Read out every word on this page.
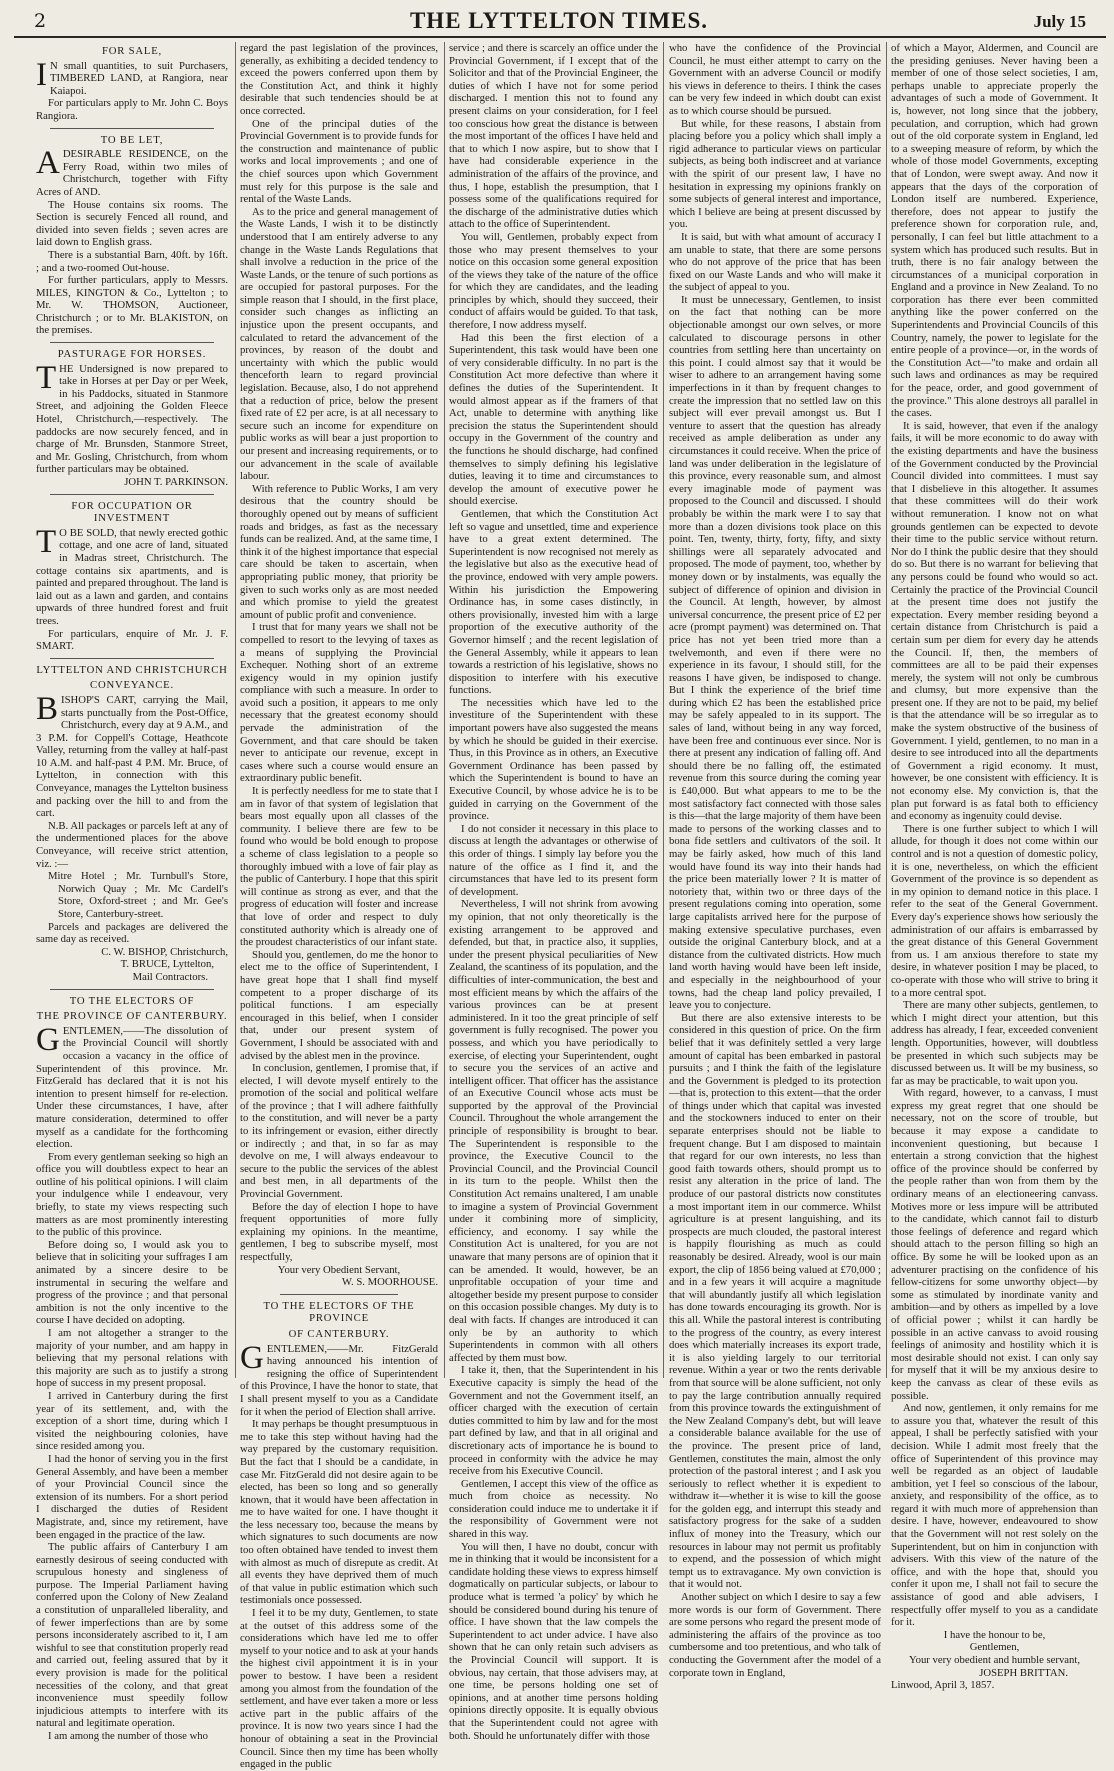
2	THE LYTTELTON TIMES.	July 15
FOR SALE,

I N small quantities, to suit Purchasers, TIMBERED LAND, at Rangiora, near Kaiapoi.

For particulars apply to Mr. John C. Boys Rangiora.

TO BE LET,

ADESIRABLE RESIDENCE, on the Ferry Road, within two miles of Christchurch, together with Fifty Acres of AND.

The House contains six rooms. The Section is securely Fenced all round, and divided into seven fields ; seven acres are laid down to English grass.

There is a substantial Barn, 40ft. by 16ft. ; and a two-roomed Out-house.

For further particulars, apply to Messrs. MILES, KINGTON & Co., Lyttelton ; to Mr. W. THOMSON, Auctioneer, Christchurch ; or to Mr. BLAKISTON, on the premises.

PASTURAGE FOR HORSES.

THE Undersigned is now prepared to take in Horses at per Day or per Week, in his Paddocks, situated in Stanmore Street, and adjoining the Golden Fleece Hotel, Christchurch,—respectively. The paddocks are now securely fenced, and in charge of Mr. Brunsden, Stanmore Street, and Mr. Gosling, Christchurch, from whom further particulars may be obtained.

JOHN T. PARKINSON.

FOR OCCUPATION OR INVESTMENT

T O BE SOLD, that newly erected gothic cottage, and one acre of land, situated in Madras street, Christchurch. The cottage contains six apartments, and is painted and prepared throughout. The land is laid out as a lawn and garden, and contains upwards of three hundred forest and fruit trees.

For particulars, enquire of Mr. J. F. SMART.

LYTTELTON AND CHRISTCHURCH
CONVEYANCE.

BISHOP'S CART, carrying the Mail, starts punctually from the Post-Office, Christchurch, every day at 9 A.M., and 3 P.M. for Coppell's Cottage, Heathcote Valley, returning from the valley at half-past 10 A.M. and half-past 4 P.M. Mr. Bruce, of Lyttelton, in connection with this Conveyance, manages the Lyttelton business and packing over the hill to and from the cart.

N.B. All packages or parcels left at any of the undermentioned places for the above Conveyance, will receive strict attention, viz. :—

Mitre Hotel ; Mr. Turnbull's Store, Norwich Quay ; Mr. Mc Cardell's Store, Oxford-street ; and Mr. Gee's Store, Canterbury-street.

Parcels and packages are delivered the same day as received.

C. W. BISHOP, Christchurch,

T. BRUCE, Lyttelton,

Mail Contractors.

TO THE ELECTORS OF
THE PROVINCE OF CANTERBURY.

GENTLEMEN,——The dissolution of the Provincial Council will shortly occasion a vacancy in the office of Superintendent of this province. Mr. FitzGerald has declared that it is not his intention to present himself for re-election. Under these circumstances, I have, after mature consideration, determined to offer myself as a candidate for the forthcoming election.

From every gentleman seeking so high an office you will doubtless expect to hear an outline of his political opinions. I will claim your indulgence while I endeavour, very briefly, to state my views respecting such matters as are most prominently interesting to the public of this province.

Before doing so, I would ask you to believe that in soliciting your suffrages I am animated by a sincere desire to be instrumental in securing the welfare and progress of the province ; and that personal ambition is not the only incentive to the course I have decided on adopting.

I am not altogether a stranger to the majority of your number, and am happy in believing that my personal relations with this majority are such as to justify a strong hope of success in my present proposal.

I arrived in Canterbury during the first year of its settlement, and, with the exception of a short time, during which I visited the neighbouring colonies, have since resided among you.

I had the honor of serving you in the first General Assembly, and have been a member of your Provincial Council since the extension of its numbers. For a short period I discharged the duties of Resident Magistrate, and, since my retirement, have been engaged in the practice of the law.

The public affairs of Canterbury I am earnestly desirous of seeing conducted with scrupulous honesty and singleness of purpose. The Imperial Parliament having conferred upon the Colony of New Zealand a constitution of unparalleled liberality, and of fewer imperfections than are by some persons inconsiderately ascribed to it, I am wishful to see that constitution properly read and carried out, feeling assured that by it every provision is made for the political necessities of the colony, and that great inconvenience must speedily follow injudicious attempts to interfere with its natural and legitimate operation.

I am among the number of those who

regard the past legislation of the provinces, generally, as exhibiting a decided tendency to exceed the powers conferred upon them by the Constitution Act, and think it highly desirable that such tendencies should be at once corrected.

One of the principal duties of the Provincial Government is to provide funds for the construction and maintenance of public works and local improvements ; and one of the chief sources upon which Government must rely for this purpose is the sale and rental of the Waste Lands.

As to the price and general management of the Waste Lands, I wish it to be distinctly understood that I am entirely adverse to any change in the Waste Lands Regulations that shall involve a reduction in the price of the Waste Lands, or the tenure of such portions as are occupied for pastoral purposes. For the simple reason that I should, in the first place, consider such changes as inflicting an injustice upon the present occupants, and calculated to retard the advancement of the provinces, by reason of the doubt and uncertainty with which the public would thenceforth learn to regard provincial legislation. Because, also, I do not apprehend that a reduction of price, below the present fixed rate of £2 per acre, is at all necessary to secure such an income for expenditure on public works as will bear a just proportion to our present and increasing requirements, or to our advancement in the scale of available labour.

With reference to Public Works, I am very desirous that the country should be thoroughly opened out by means of sufficient roads and bridges, as fast as the necessary funds can be realized. And, at the same time, I think it of the highest importance that especial care should be taken to ascertain, when appropriating public money, that priority be given to such works only as are most needed and which promise to yield the greatest amount of public profit and convenience.

I trust that for many years we shall not be compelled to resort to the levying of taxes as a means of supplying the Provincial Exchequer. Nothing short of an extreme exigency would in my opinion justify compliance with such a measure. In order to avoid such a position, it appears to me only necessary that the greatest economy should pervade the administration of the Government, and that care should be taken never to anticipate our revenue, except in cases where such a course would ensure an extraordinary public benefit.

It is perfectly needless for me to state that I am in favor of that system of legislation that bears most equally upon all classes of the community. I believe there are few to be found who would be bold enough to propose a scheme of class legislation to a people so thoroughly imbued with a love of fair play as the public of Canterbury. I hope that this spirit will continue as strong as ever, and that the progress of education will foster and increase that love of order and respect to duly constituted authority which is already one of the proudest characteristics of our infant state.

Should you, gentlemen, do me the honor to elect me to the office of Superintendent, I have great hope that I shall find myself competent to a proper discharge of its political functions. I am especially encouraged in this belief, when I consider that, under our present system of Government, I should be associated with and advised by the ablest men in the province.

In conclusion, gentlemen, I promise that, if elected, I will devote myself entirely to the promotion of the social and political welfare of the province ; that I will adhere faithfully to the constitution, and will never be a party to its infringement or evasion, either directly or indirectly ; and that, in so far as may devolve on me, I will always endeavour to secure to the public the services of the ablest and best men, in all departments of the Provincial Government.

Before the day of election I hope to have frequent opportunities of more fully explaining my opinions. In the meantime, gentlemen, I beg to subscribe myself, most respectfully,

Your very Obedient Servant,

W. S. MOORHOUSE.

TO THE ELECTORS OF THE PROVINCE
OF CANTERBURY.

GENTLEMEN,——Mr. FitzGerald having announced his intention of resigning the office of Superintendent of this Province, I have the honor to state, that I shall present myself to you as a Candidate for it when the period of Election shall arrive.

It may perhaps be thought presumptuous in me to take this step without having had the way prepared by the customary requisition. But the fact that I should be a candidate, in case Mr. FitzGerald did not desire again to be elected, has been so long and so generally known, that it would have been affectation in me to have waited for one. I have thought it the less necessary too, because the means by which signatures to such documents are now too often obtained have tended to invest them with almost as much of disrepute as credit. At all events they have deprived them of much of that value in public estimation which such testimonials once possessed.

I feel it to be my duty, Gentlemen, to state at the outset of this address some of the considerations which have led me to offer myself to your notice and to ask at your hands the highest civil appointment it is in your power to bestow. I have been a resident among you almost from the foundation of the settlement, and have ever taken a more or less active part in the public affairs of the province. It is now two years since I had the honour of obtaining a seat in the Provincial Council. Since then my time has been wholly engaged in the public

service ; and there is scarcely an office under the Provincial Government, if I except that of the Solicitor and that of the Provincial Engineer, the duties of which I have not for some period discharged. I mention this not to found any present claims on your consideration, for I feel too conscious how great the distance is between the most important of the offices I have held and that to which I now aspire, but to show that I have had considerable experience in the administration of the affairs of the province, and thus, I hope, establish the presumption, that I possess some of the qualifications required for the discharge of the administrative duties which attach to the office of Superintendent.

You will, Gentlemen, probably expect from those who may present themselves to your notice on this occasion some general exposition of the views they take of the nature of the office for which they are candidates, and the leading principles by which, should they succeed, their conduct of affairs would be guided. To that task, therefore, I now address myself.

Had this been the first election of a Superintendent, this task would have been one of very considerable difficulty. In no part is the Constitution Act more defective than where it defines the duties of the Superintendent. It would almost appear as if the framers of that Act, unable to determine with anything like precision the status the Superintendent should occupy in the Government of the country and the functions he should discharge, had confined themselves to simply defining his legislative duties, leaving it to time and circumstances to develop the amount of executive power he should exercise.

Gentlemen, that which the Constitution Act left so vague and unsettled, time and experience have to a great extent determined. The Superintendent is now recognised not merely as the legislative but also as the executive head of the province, endowed with very ample powers. Within his jurisdiction the Empowering Ordinance has, in some cases distinctly, in others provisionally, invested him with a large proportion of the executive authority of the Governor himself ; and the recent legislation of the General Assembly, while it appears to lean towards a restriction of his legislative, shows no disposition to interfere with his executive functions.

The necessities which have led to the investiture of the Superintendent with these important powers have also suggested the means by which he should be guided in their exercise. Thus, in this Province as in others, an Executive Government Ordinance has been passed by which the Superintendent is bound to have an Executive Council, by whose advice he is to be guided in carrying on the Government of the province.

I do not consider it necessary in this place to discuss at length the advantages or otherwise of this order of things. I simply lay before you the nature of the office as I find it, and the circumstances that have led to its present form of development.

Nevertheless, I will not shrink from avowing my opinion, that not only theoretically is the existing arrangement to be approved and defended, but that, in practice also, it supplies, under the present physical peculiarities of New Zealand, the scantiness of its population, and the difficulties of inter-communication, the best and most efficient means by which the affairs of the various provinces can be at present administered. In it too the great principle of self government is fully recognised. The power you possess, and which you have periodically to exercise, of electing your Superintendent, ought to secure you the services of an active and intelligent officer. That officer has the assistance of an Executive Council whose acts must be supported by the approval of the Provincial Council. Throughout the whole arrangement the principle of responsibility is brought to bear. The Superintendent is responsible to the province, the Executive Council to the Provincial Council, and the Provincial Council in its turn to the people. Whilst then the Constitution Act remains unaltered, I am unable to imagine a system of Provincial Government under it combining more of simplicity, efficiency, and economy. I say while the Constitution Act is unaltered, for you are not unaware that many persons are of opinion that it can be amended. It would, however, be an unprofitable occupation of your time and altogether beside my present purpose to consider on this occasion possible changes. My duty is to deal with facts. If changes are introduced it can only be by an authority to which Superintendents in common with all others affected by them must bow.

I take it, then, that the Superintendent in his Executive capacity is simply the head of the Government and not the Government itself, an officer charged with the execution of certain duties committed to him by law and for the most part defined by law, and that in all original and discretionary acts of importance he is bound to proceed in conformity with the advice he may receive from his Executive Council.

Gentlemen, I accept this view of the office as much from choice as necessity. No consideration could induce me to undertake it if the responsibility of Government were not shared in this way.

You will then, I have no doubt, concur with me in thinking that it would be inconsistent for a candidate holding these views to express himself dogmatically on particular subjects, or labour to produce what is termed 'a policy' by which he should be considered bound during his tenure of office. I have shown that the law compels the Superintendent to act under advice. I have also shown that he can only retain such advisers as the Provincial Council will support. It is obvious, nay certain, that those advisers may, at one time, be persons holding one set of opinions, and at another time persons holding opinions directly opposite. It is equally obvious that the Superintendent could not agree with both. Should he unfortunately differ with those

who have the confidence of the Provincial Council, he must either attempt to carry on the Government with an adverse Council or modify his views in deference to theirs. I think the cases can be very few indeed in which doubt can exist as to which course should be pursued.

But while, for these reasons, I abstain from placing before you a policy which shall imply a rigid adherance to particular views on particular subjects, as being both indiscreet and at variance with the spirit of our present law, I have no hesitation in expressing my opinions frankly on some subjects of general interest and importance, which I believe are being at present discussed by you.

It is said, but with what amount of accuracy I am unable to state, that there are some persons who do not approve of the price that has been fixed on our Waste Lands and who will make it the subject of appeal to you.

It must be unnecessary, Gentlemen, to insist on the fact that nothing can be more objectionable amongst our own selves, or more calculated to discourage persons in other countries from settling here than uncertainty on this point. I could almost say that it would be wiser to adhere to an arrangement having some imperfections in it than by frequent changes to create the impression that no settled law on this subject will ever prevail amongst us. But I venture to assert that the question has already received as ample deliberation as under any circumstances it could receive. When the price of land was under deliberation in the legislature of this province, every reasonable sum, and almost every imaginable mode of payment was proposed to the Council and discussed. I should probably be within the mark were I to say that more than a dozen divisions took place on this point. Ten, twenty, thirty, forty, fifty, and sixty shillings were all separately advocated and proposed. The mode of payment, too, whether by money down or by instalments, was equally the subject of difference of opinion and division in the Council. At length, however, by almost universal concurrence, the present price of £2 per acre (prompt payment) was determined on. That price has not yet been tried more than a twelvemonth, and even if there were no experience in its favour, I should still, for the reasons I have given, be indisposed to change. But I think the experience of the brief time during which £2 has been the established price may be safely appealed to in its support. The sales of land, without being in any way forced, have been free and continuous ever since. Nor is there at present any indication of falling off. And should there be no falling off, the estimated revenue from this source during the coming year is £40,000. But what appears to me to be the most satisfactory fact connected with those sales is this—that the large majority of them have been made to persons of the working classes and to bona fide settlers and cultivators of the soil. It may be fairly asked, how much of this land would have found its way into their hands had the price been materially lower ? It is matter of notoriety that, within two or three days of the present regulations coming into operation, some large capitalists arrived here for the purpose of making extensive speculative purchases, even outside the original Canterbury block, and at a distance from the cultivated districts. How much land worth having would have been left inside, and especially in the neighbourhood of your towns, had the cheap land policy prevailed, I leave you to conjecture.

But there are also extensive interests to be considered in this question of price. On the firm belief that it was definitely settled a very large amount of capital has been embarked in pastoral pursuits ; and I think the faith of the legislature and the Government is pledged to its protection—that is, protection to this extent—that the order of things under which that capital was invested and the stockowners induced to enter on their separate enterprises should not be liable to frequent change. But I am disposed to maintain that regard for our own interests, no less than good faith towards others, should prompt us to resist any alteration in the price of land. The produce of our pastoral districts now constitutes a most important item in our commerce. Whilst agriculture is at present languishing, and its prospects are much clouded, the pastoral interest is happily flourishing as much as could reasonably be desired. Already, wool is our main export, the clip of 1856 being valued at £70,000 ; and in a few years it will acquire a magnitude that will abundantly justify all which legislation has done towards encouraging its growth. Nor is this all. While the pastoral interest is contributing to the progress of the country, as every interest does which materially increases its export trade, it is also yielding largely to our territorial revenue. Within a year or two the rents derivable from that source will be alone sufficient, not only to pay the large contribution annually required from this province towards the extinguishment of the New Zealand Company's debt, but will leave a considerable balance available for the use of the province. The present price of land, Gentlemen, constitutes the main, almost the only protection of the pastoral interest ; and I ask you seriously to reflect whether it is expedient to withdraw it—whether it is wise to kill the goose for the golden egg, and interrupt this steady and satisfactory progress for the sake of a sudden influx of money into the Treasury, which our resources in labour may not permit us profitably to expend, and the possession of which might tempt us to extravagance. My own conviction is that it would not.

Another subject on which I desire to say a few more words is our form of Government. There are some persons who regard the present mode of administering the affairs of the province as too cumbersome and too pretentious, and who talk of conducting the Government after the model of a corporate town in England,

of which a Mayor, Aldermen, and Council are the presiding geniuses. Never having been a member of one of those select societies, I am, perhaps unable to appreciate properly the advantages of such a mode of Government. It is, however, not long since that the jobbery, peculation, and corruption, which had grown out of the old corporate system in England, led to a sweeping measure of reform, by which the whole of those model Governments, excepting that of London, were swept away. And now it appears that the days of the corporation of London itself are numbered. Experience, therefore, does not appear to justify the preference shown for corporation rule, and, personally, I can feel but little attachment to a system which has produced such results. But in truth, there is no fair analogy between the circumstances of a municipal corporation in England and a province in New Zealand. To no corporation has there ever been committed anything like the power conferred on the Superintendents and Provincial Councils of this Country, namely, the power to legislate for the entire people of a province—or, in the words of the Constitution Act—"to make and ordain all such laws and ordinances as may be required for the peace, order, and good government of the province." This alone destroys all parallel in the cases.

It is said, however, that even if the analogy fails, it will be more economic to do away with the existing departments and have the business of the Government conducted by the Provincial Council divided into committees. I must say that I disbelieve in this altogether. It assumes that these committees will do their work without remuneration. I know not on what grounds gentlemen can be expected to devote their time to the public service without return. Nor do I think the public desire that they should do so. But there is no warrant for believing that any persons could be found who would so act. Certainly the practice of the Provincial Council at the present time does not justify the expectation. Every member residing beyond a certain distance from Christchurch is paid a certain sum per diem for every day he attends the Council. If, then, the members of committees are all to be paid their expenses merely, the system will not only be cumbrous and clumsy, but more expensive than the present one. If they are not to be paid, my belief is that the attendance will be so irregular as to make the system obstructive of the business of Government. I yield, gentlemen, to no man in a desire to see introduced into all the departments of Government a rigid economy. It must, however, be one consistent with efficiency. It is not economy else. My conviction is, that the plan put forward is as fatal both to efficiency and economy as ingenuity could devise.

There is one further subject to which I will allude, for though it does not come within our control and is not a question of domestic policy, it is one, nevertheless, on which the efficient Government of the province is so dependent as in my opinion to demand notice in this place. I refer to the seat of the General Government. Every day's experience shows how seriously the administration of our affairs is embarrassed by the great distance of this General Government from us. I am anxious therefore to state my desire, in whatever position I may be placed, to co-operate with those who will strive to bring it to a more central spot.

There are many other subjects, gentlemen, to which I might direct your attention, but this address has already, I fear, exceeded convenient length. Opportunities, however, will doubtless be presented in which such subjects may be discussed between us. It will be my business, so far as may be practicable, to wait upon you.

With regard, however, to a canvass, I must express my great regret that one should be necessary, not on the score of trouble, but because it may expose a candidate to inconvenient questioning, but because I entertain a strong conviction that the highest office of the province should be conferred by the people rather than won from them by the ordinary means of an electioneering canvass. Motives more or less impure will be attributed to the candidate, which cannot fail to disturb those feelings of deference and regard which should attach to the person filling so high an office. By some he will be looked upon as an adventurer practising on the confidence of his fellow-citizens for some unworthy object—by some as stimulated by inordinate vanity and ambition—and by others as impelled by a love of official power ; whilst it can hardly be possible in an active canvass to avoid rousing feelings of animosity and hostility which it is most desirable should not exist. I can only say for myself that it will be my anxious desire to keep the canvass as clear of these evils as possible.

And now, gentlemen, it only remains for me to assure you that, whatever the result of this appeal, I shall be perfectly satisfied with your decision. While I admit most freely that the office of Superintendent of this province may well be regarded as an object of laudable ambition, yet I feel so conscious of the labour, anxiety, and responsibility of the office, as to regard it with much more of apprehension than desire. I have, however, endeavoured to show that the Government will not rest solely on the Superintendent, but on him in conjunction with advisers. With this view of the nature of the office, and with the hope that, should you confer it upon me, I shall not fail to secure the assistance of good and able advisers, I respectfully offer myself to you as a candidate for it.

I have the honour to be,

Gentlemen,

Your very obedient and humble servant,

JOSEPH BRITTAN.

Linwood, April 3, 1857.
